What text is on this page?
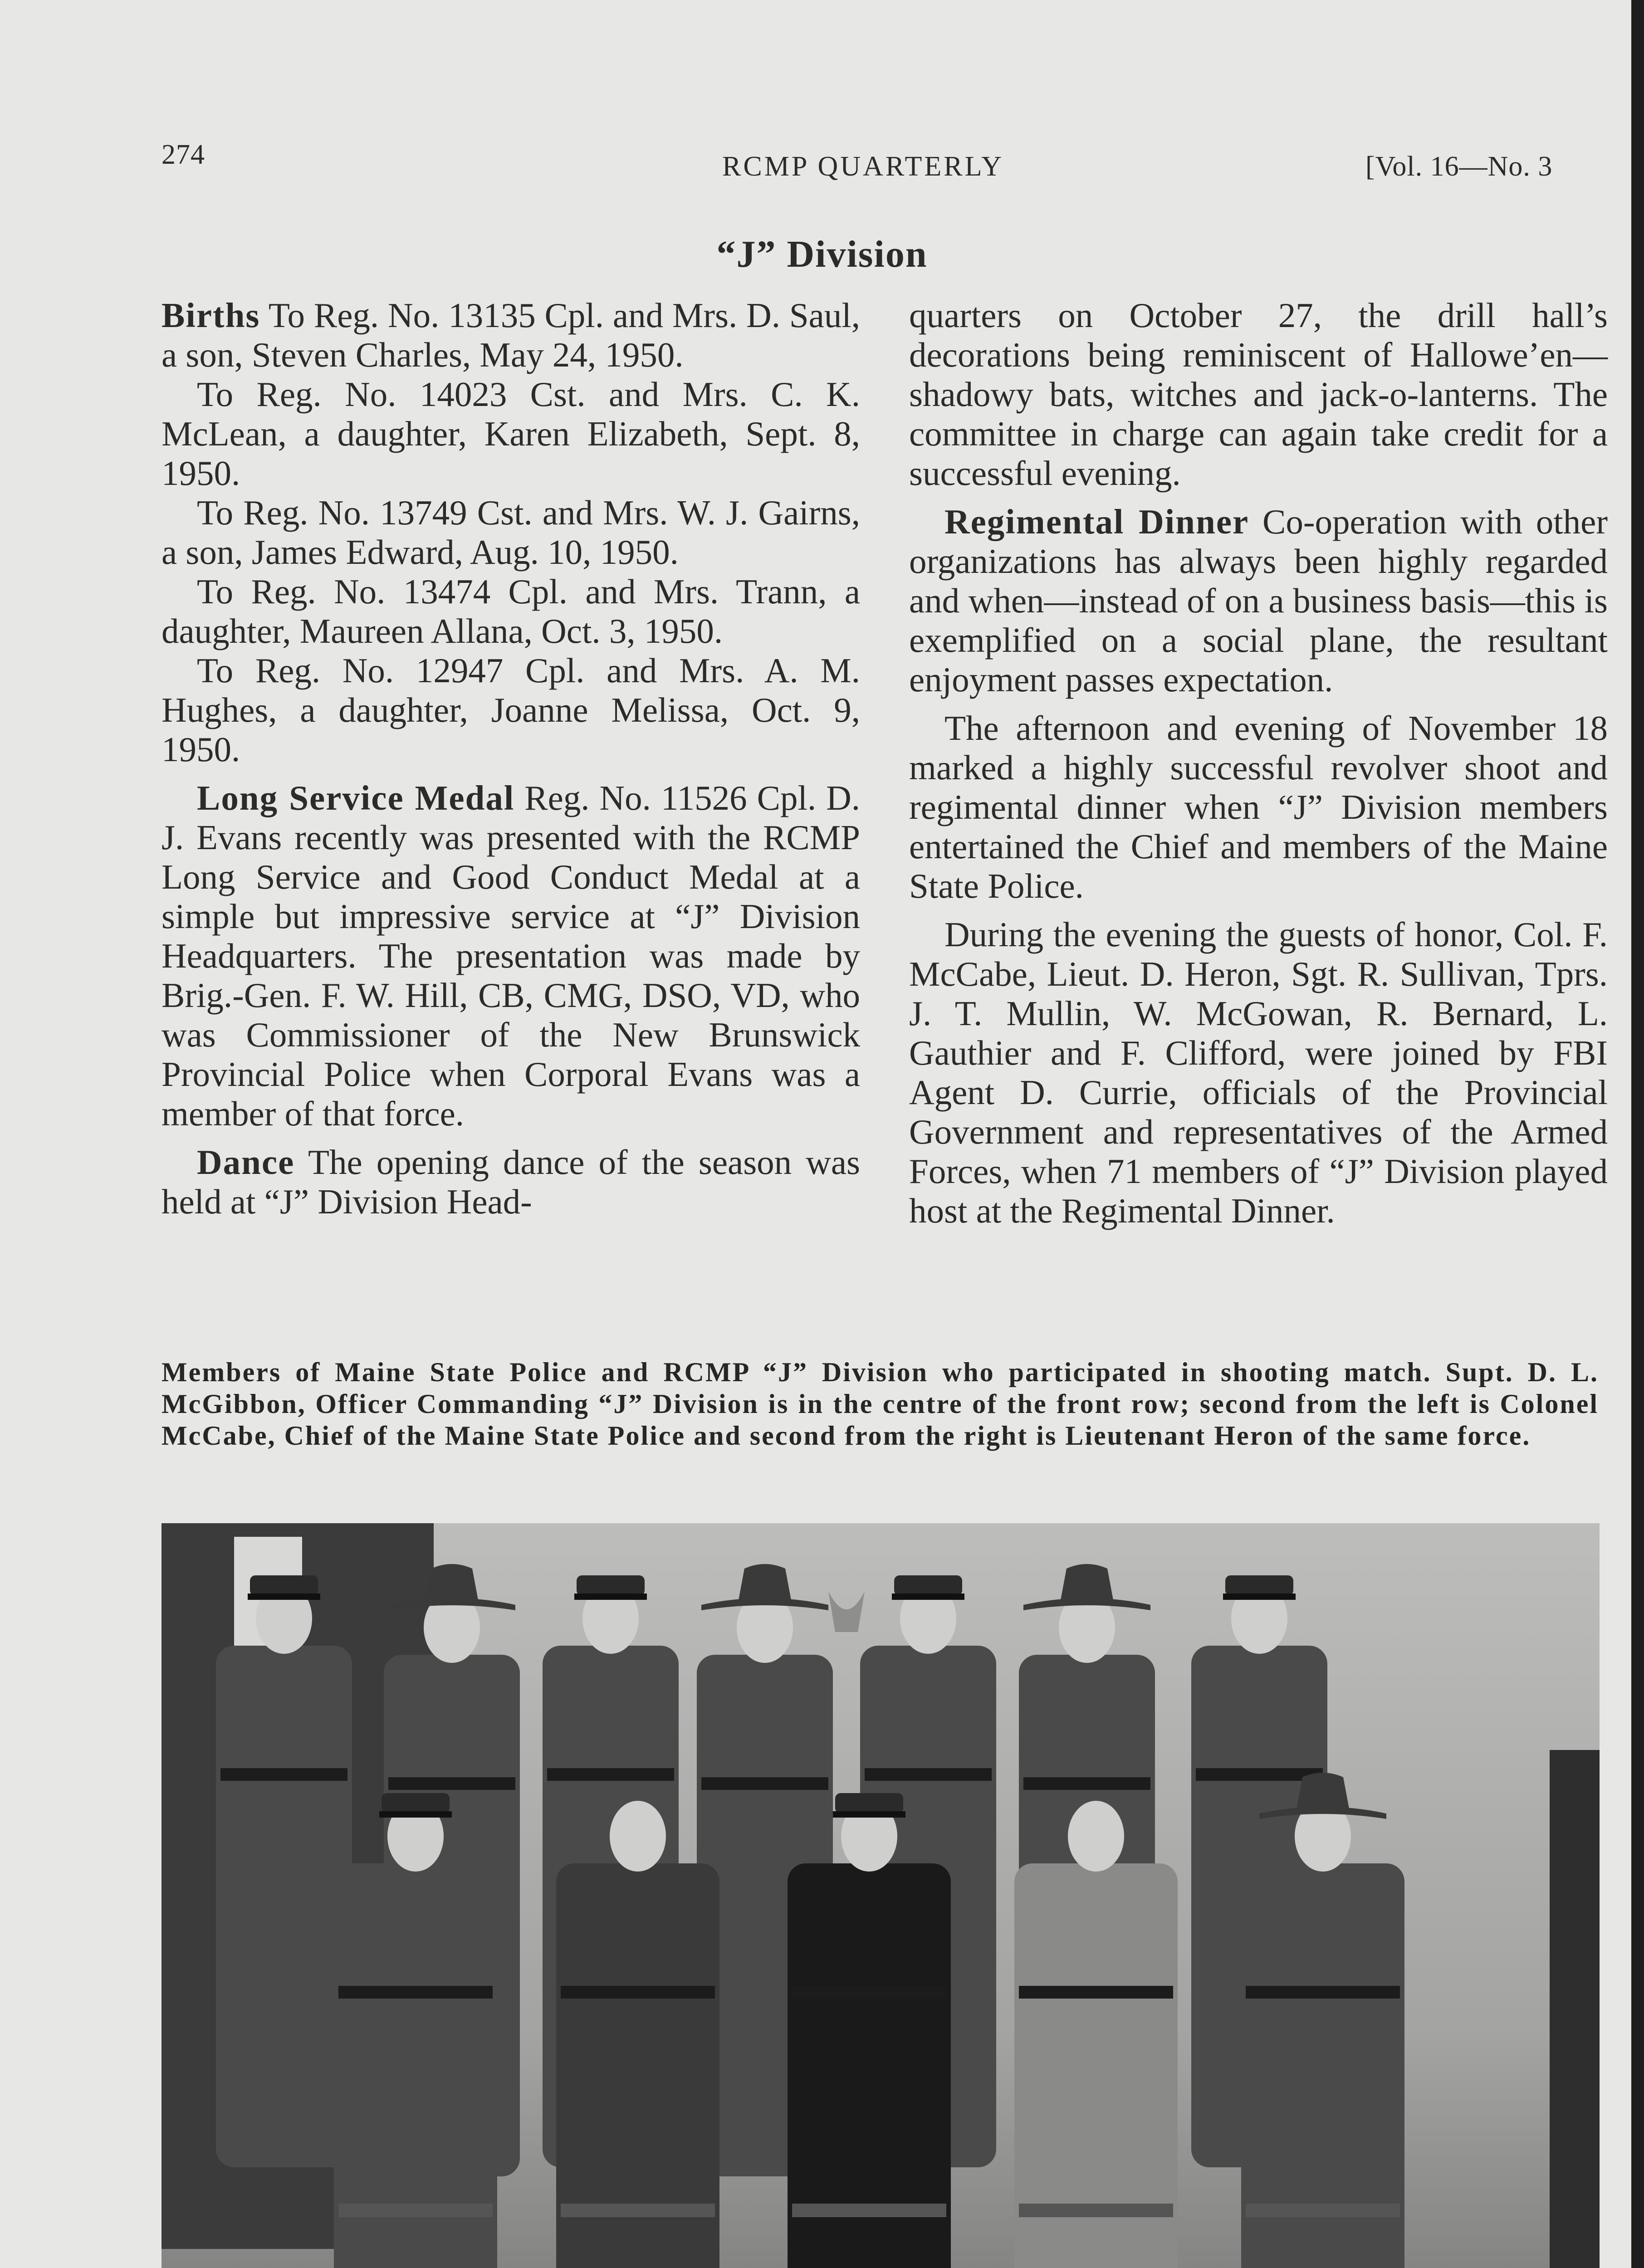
274	RCMP QUARTERLY	[Vol. 16—No. 3
“J” Division

Births To Reg. No. 13135 Cpl. and Mrs. D. Saul, a son, Steven Charles, May 24, 1950.

To Reg. No. 14023 Cst. and Mrs. C. K. McLean, a daughter, Karen Elizabeth, Sept. 8, 1950.

To Reg. No. 13749 Cst. and Mrs. W. J. Gairns, a son, James Edward, Aug. 10, 1950.

To Reg. No. 13474 Cpl. and Mrs. Trann, a daughter, Maureen Allana, Oct. 3, 1950.

To Reg. No. 12947 Cpl. and Mrs. A. M. Hughes, a daughter, Joanne Melissa, Oct. 9, 1950.

Long Service Medal Reg. No. 11526 Cpl. D. J. Evans recently was presented with the RCMP Long Service and Good Conduct Medal at a simple but impressive service at “J” Division Headquarters. The presentation was made by Brig.-Gen. F. W. Hill, CB, CMG, DSO, VD, who was Commissioner of the New Brunswick Provincial Police when Corporal Evans was a member of that force.

Dance The opening dance of the season was held at “J” Division Head-

quarters on October 27, the drill hall’s decorations being reminiscent of Hallowe’en—shadowy bats, witches and jack-o-lanterns. The committee in charge can again take credit for a successful evening.

Regimental Dinner Co-operation with other organizations has always been highly regarded and when—instead of on a business basis—this is exemplified on a social plane, the resultant enjoyment passes expectation.

The afternoon and evening of November 18 marked a highly successful revolver shoot and regimental dinner when “J” Division members entertained the Chief and members of the Maine State Police.

During the evening the guests of honor, Col. F. McCabe, Lieut. D. Heron, Sgt. R. Sullivan, Tprs. J. T. Mullin, W. McGowan, R. Bernard, L. Gauthier and F. Clifford, were joined by FBI Agent D. Currie, officials of the Provincial Government and representatives of the Armed Forces, when 71 members of “J” Division played host at the Regimental Dinner.

Members of Maine State Police and RCMP “J” Division who participated in shooting match. Supt. D. L. McGibbon, Officer Commanding “J” Division is in the centre of the front row; second from the left is Colonel McCabe, Chief of the Maine State Police and second from the right is Lieutenant Heron of the same force.
